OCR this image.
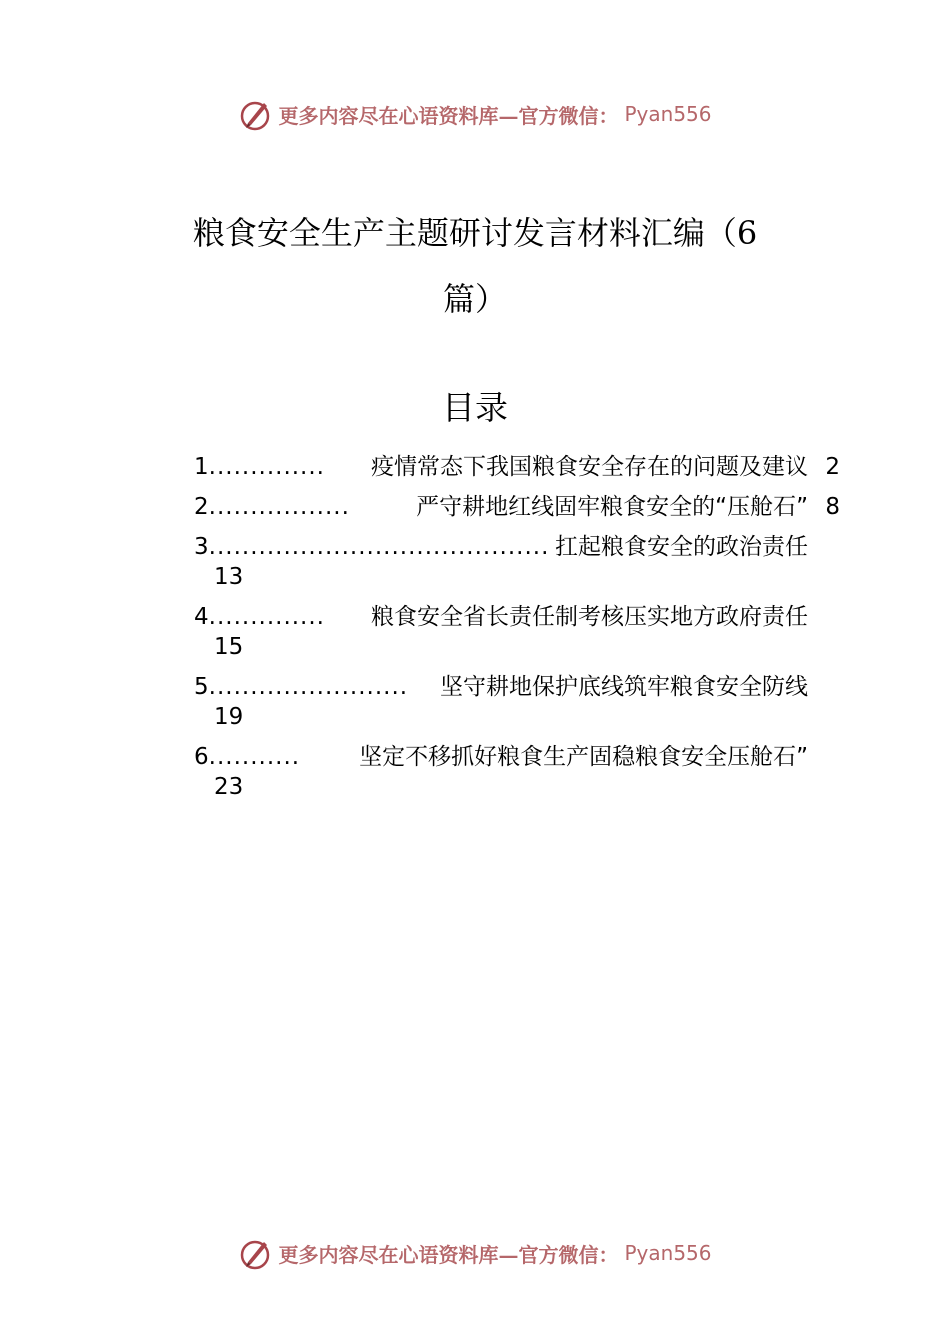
更多内容尽在心语资料库—官方微信： Pyan556
粮食安全生产主题研讨发言材料汇编（6
篇）
目录
1 ..............	疫情常态下我国粮食安全存在的问题及建议 2
2 .................	严守耕地红线固牢粮食安全的“压舱石” 8
3 ......................................... 扛起粮食安全的政治责任
13
4 ..............	粮食安全省长责任制考核压实地方政府责任
15
5 ........................	坚守耕地保护底线筑牢粮食安全防线
19
6 ...........	坚定不移抓好粮食生产固稳粮食安全压舱石”
23
更多内容尽在心语资料库—官方微信： Pyan556
